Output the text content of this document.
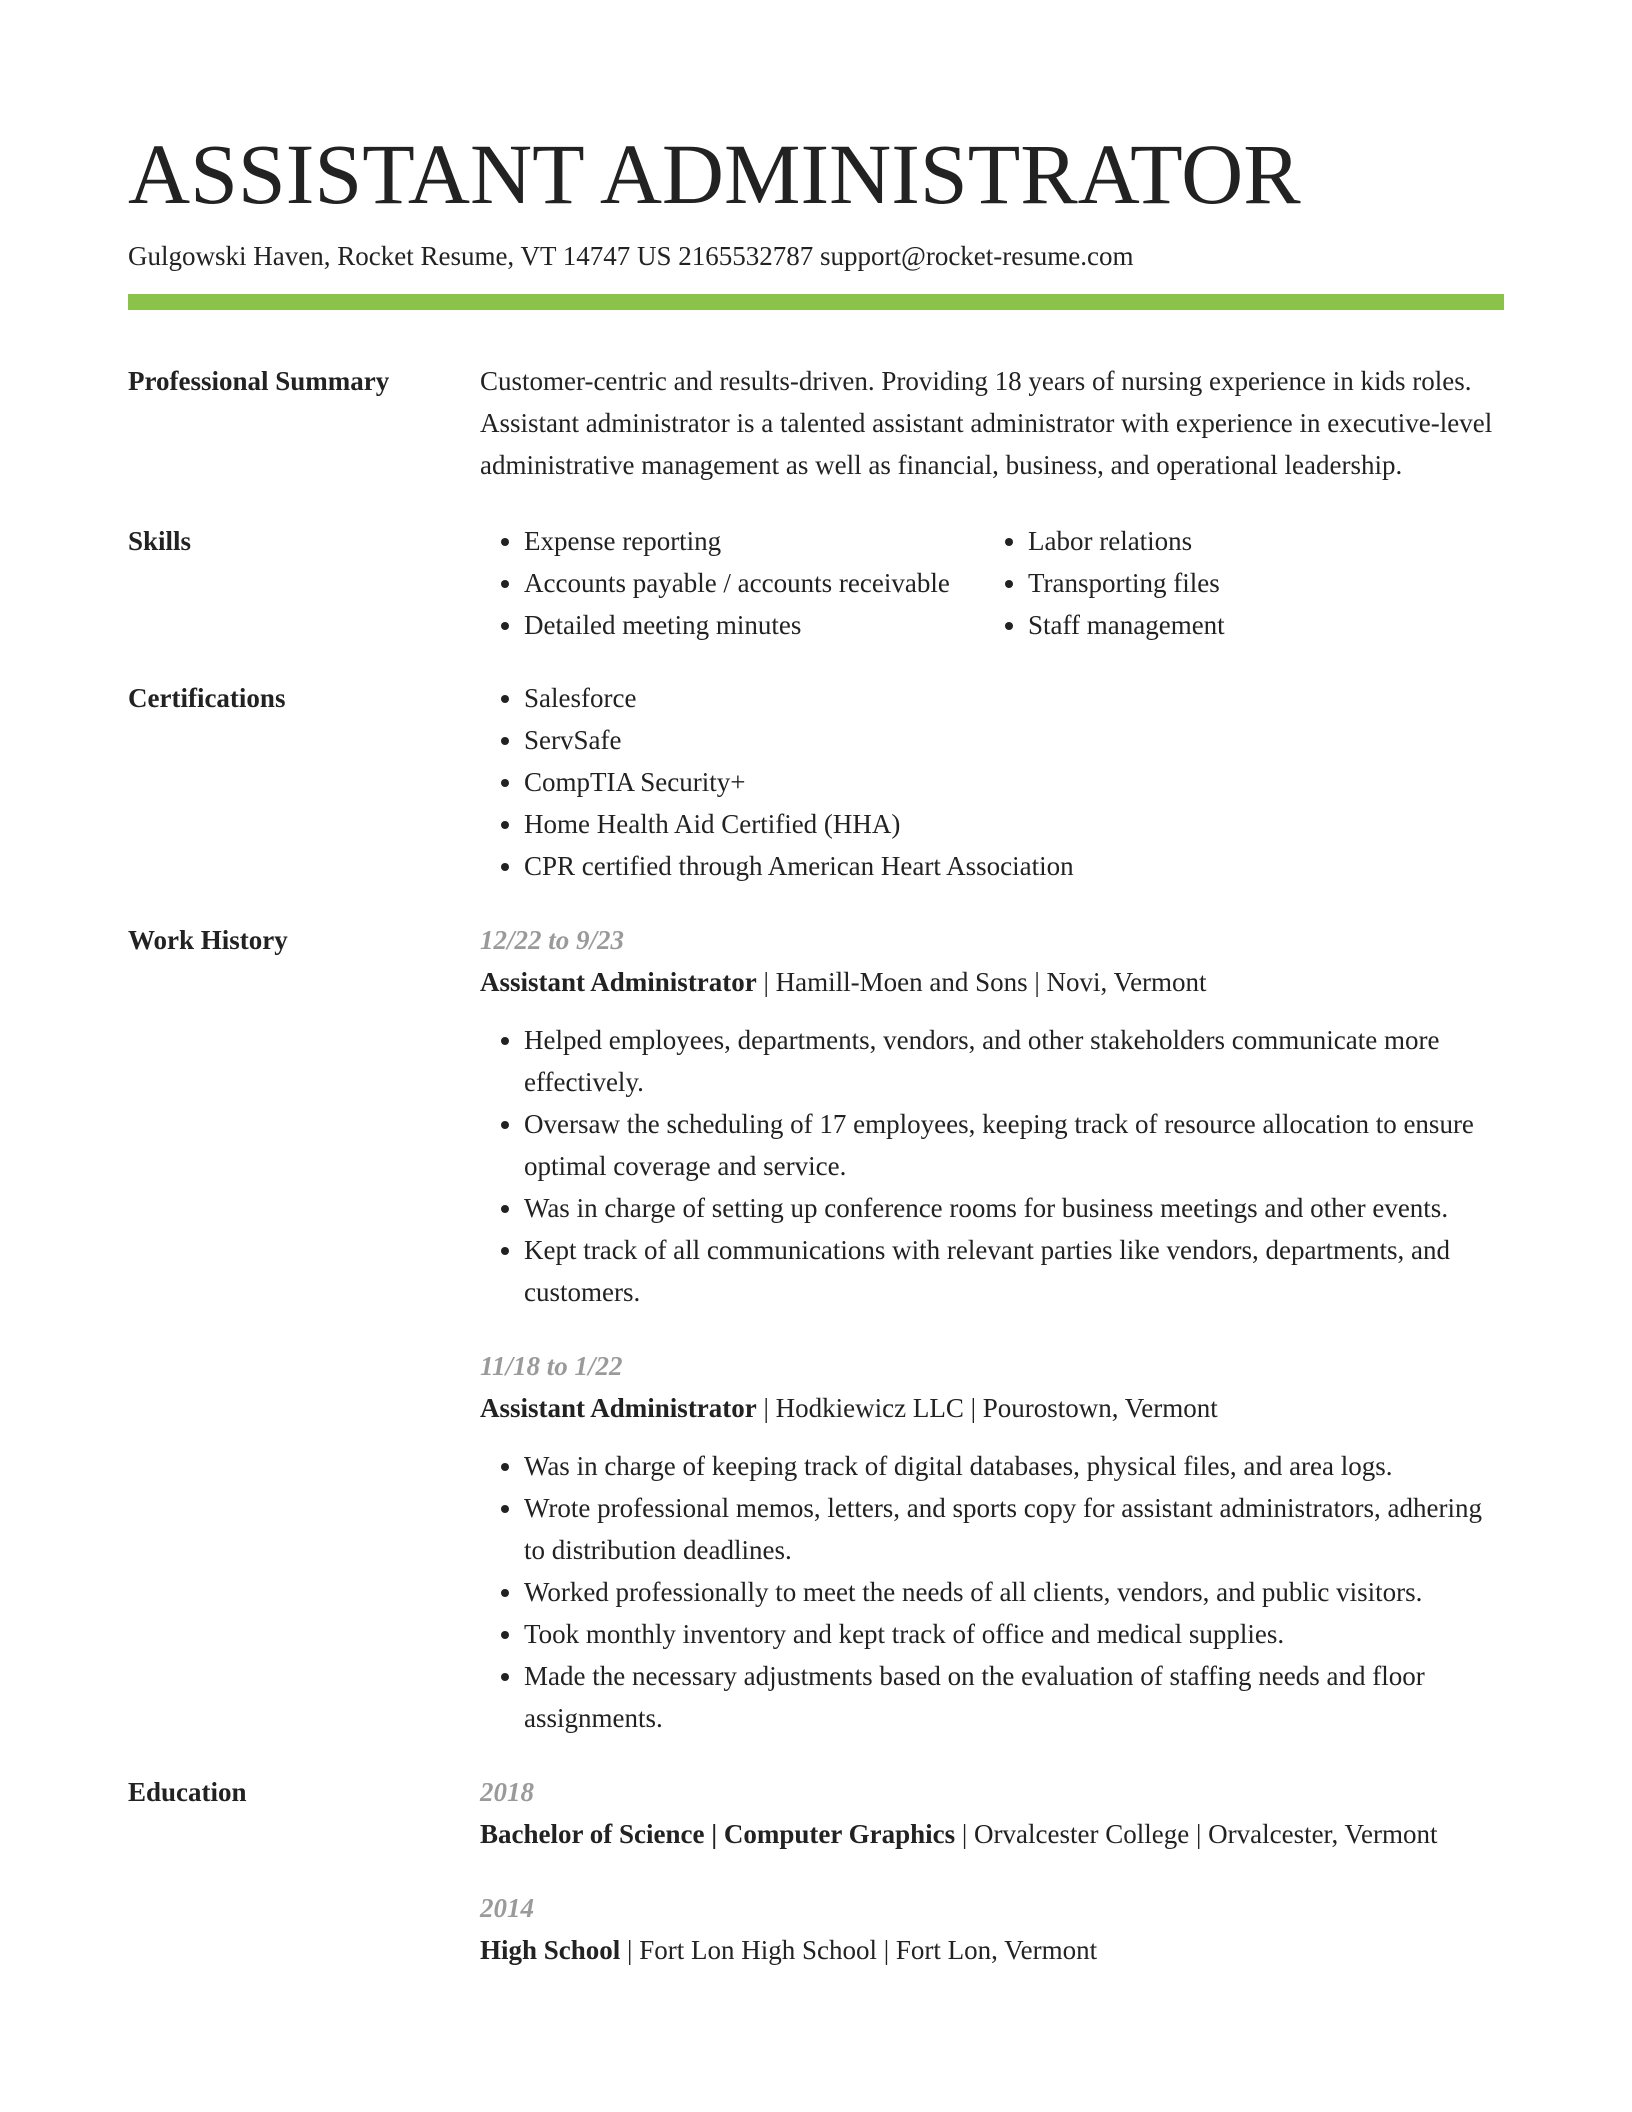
ASSISTANT ADMINISTRATOR
Gulgowski Haven, Rocket Resume, VT 14747 US 2165532787 support@rocket-resume.com
Professional Summary	Customer-centric and results-driven. Providing 18 years of nursing experience in kids roles. Assistant administrator is a talented assistant administrator with experience in executive-level administrative management as well as financial, business, and operational leadership.
Skills	• Expense reporting
• Accounts payable / accounts receivable
• Detailed meeting minutes
• Labor relations
• Transporting files
• Staff management
Certifications	• Salesforce
• ServSafe
• CompTIA Security+
• Home Health Aid Certified (HHA)
• CPR certified through American Heart Association
Work History	12/22 to 9/23
Assistant Administrator | Hamill-Moen and Sons | Novi, Vermont
• Helped employees, departments, vendors, and other stakeholders communicate more effectively.
• Oversaw the scheduling of 17 employees, keeping track of resource allocation to ensure optimal coverage and service.
• Was in charge of setting up conference rooms for business meetings and other events.
• Kept track of all communications with relevant parties like vendors, departments, and customers.
11/18 to 1/22
Assistant Administrator | Hodkiewicz LLC | Pourostown, Vermont
• Was in charge of keeping track of digital databases, physical files, and area logs.
• Wrote professional memos, letters, and sports copy for assistant administrators, adhering to distribution deadlines.
• Worked professionally to meet the needs of all clients, vendors, and public visitors.
• Took monthly inventory and kept track of office and medical supplies.
• Made the necessary adjustments based on the evaluation of staffing needs and floor assignments.
Education	2018
Bachelor of Science | Computer Graphics | Orvalcester College | Orvalcester, Vermont
2014
High School | Fort Lon High School | Fort Lon, Vermont
